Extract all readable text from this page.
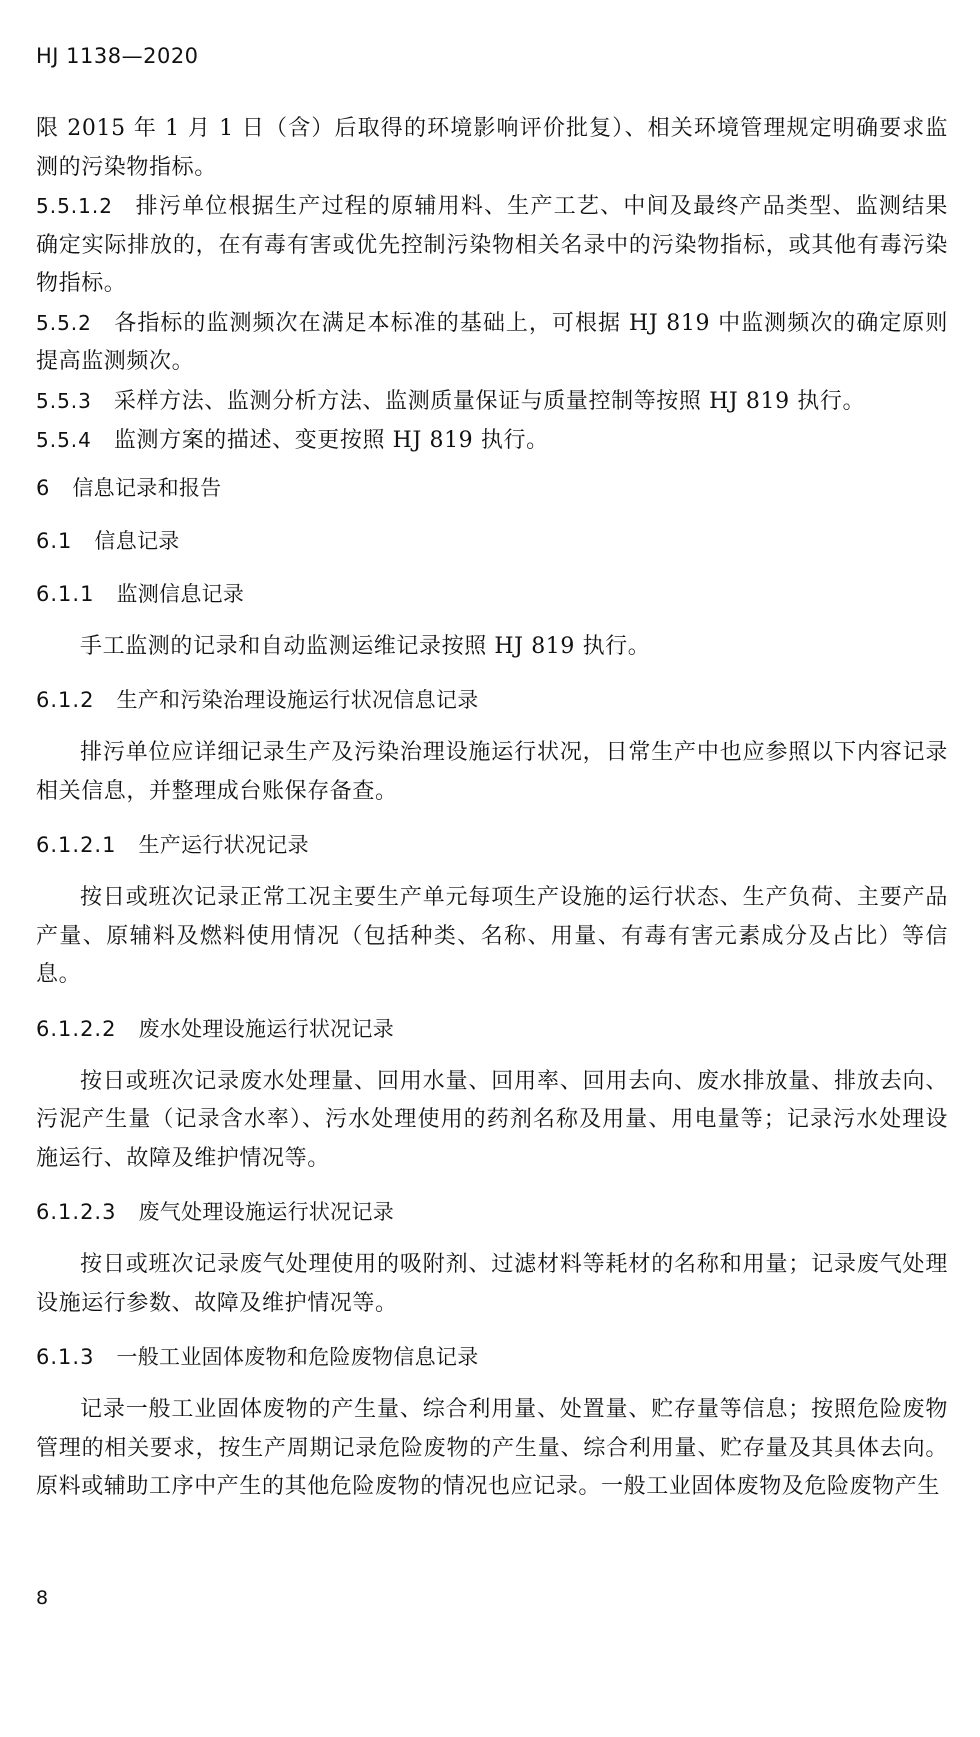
HJ 1138—2020

限 2015 年 1 月 1 日（含）后取得的环境影响评价批复）、相关环境管理规定明确要求监测的污染物指标。

5.5.1.2 排污单位根据生产过程的原辅用料、生产工艺、中间及最终产品类型、监测结果确定实际排放的，在有毒有害或优先控制污染物相关名录中的污染物指标，或其他有毒污染物指标。

5.5.2 各指标的监测频次在满足本标准的基础上，可根据 HJ 819 中监测频次的确定原则提高监测频次。

5.5.3 采样方法、监测分析方法、监测质量保证与质量控制等按照 HJ 819 执行。

5.5.4 监测方案的描述、变更按照 HJ 819 执行。

6 信息记录和报告

6.1 信息记录

6.1.1 监测信息记录

手工监测的记录和自动监测运维记录按照 HJ 819 执行。

6.1.2 生产和污染治理设施运行状况信息记录

排污单位应详细记录生产及污染治理设施运行状况，日常生产中也应参照以下内容记录相关信息，并整理成台账保存备查。

6.1.2.1 生产运行状况记录

按日或班次记录正常工况主要生产单元每项生产设施的运行状态、生产负荷、主要产品产量、原辅料及燃料使用情况（包括种类、名称、用量、有毒有害元素成分及占比）等信息。

6.1.2.2 废水处理设施运行状况记录

按日或班次记录废水处理量、回用水量、回用率、回用去向、废水排放量、排放去向、污泥产生量（记录含水率）、污水处理使用的药剂名称及用量、用电量等；记录污水处理设施运行、故障及维护情况等。

6.1.2.3 废气处理设施运行状况记录

按日或班次记录废气处理使用的吸附剂、过滤材料等耗材的名称和用量；记录废气处理设施运行参数、故障及维护情况等。

6.1.3 一般工业固体废物和危险废物信息记录

记录一般工业固体废物的产生量、综合利用量、处置量、贮存量等信息；按照危险废物管理的相关要求，按生产周期记录危险废物的产生量、综合利用量、贮存量及其具体去向。原料或辅助工序中产生的其他危险废物的情况也应记录。一般工业固体废物及危险废物产生

8
